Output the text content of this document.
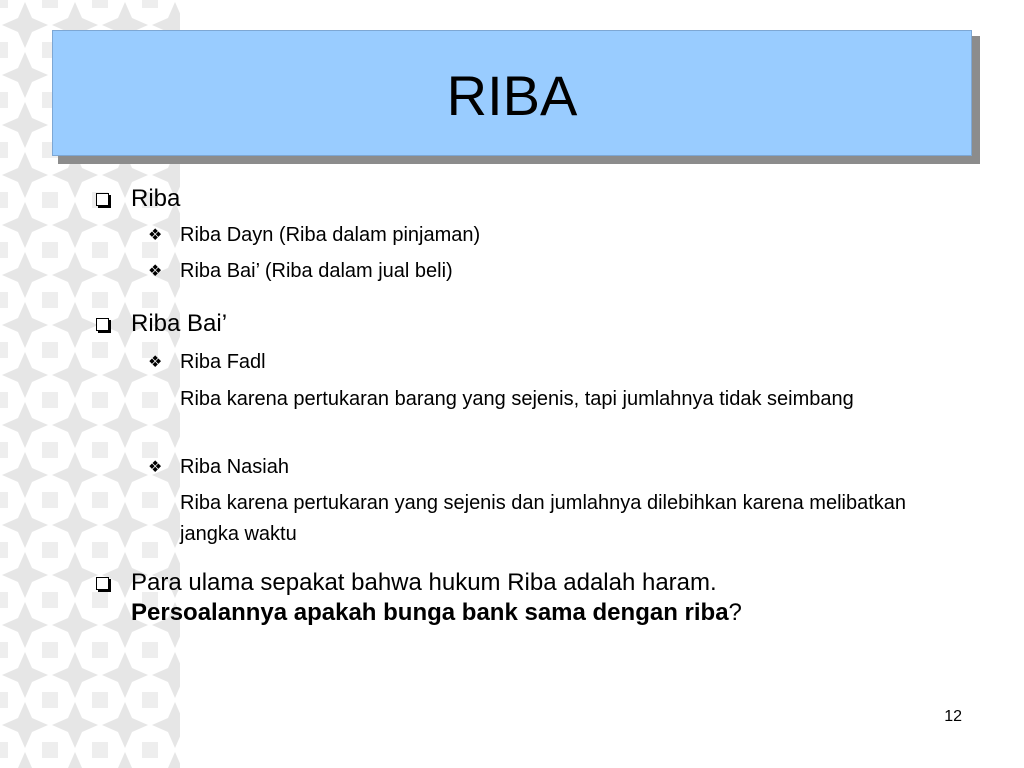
RIBA
Riba
❖ Riba Dayn (Riba dalam pinjaman)
❖ Riba Bai’ (Riba dalam jual beli)
Riba Bai’
❖ Riba Fadl
Riba karena pertukaran barang yang sejenis, tapi jumlahnya tidak seimbang
❖ Riba Nasiah
Riba karena pertukaran yang sejenis dan jumlahnya dilebihkan karena melibatkan jangka waktu
Para ulama sepakat bahwa hukum Riba adalah haram.
Persoalannya apakah bunga bank sama dengan riba?
12
